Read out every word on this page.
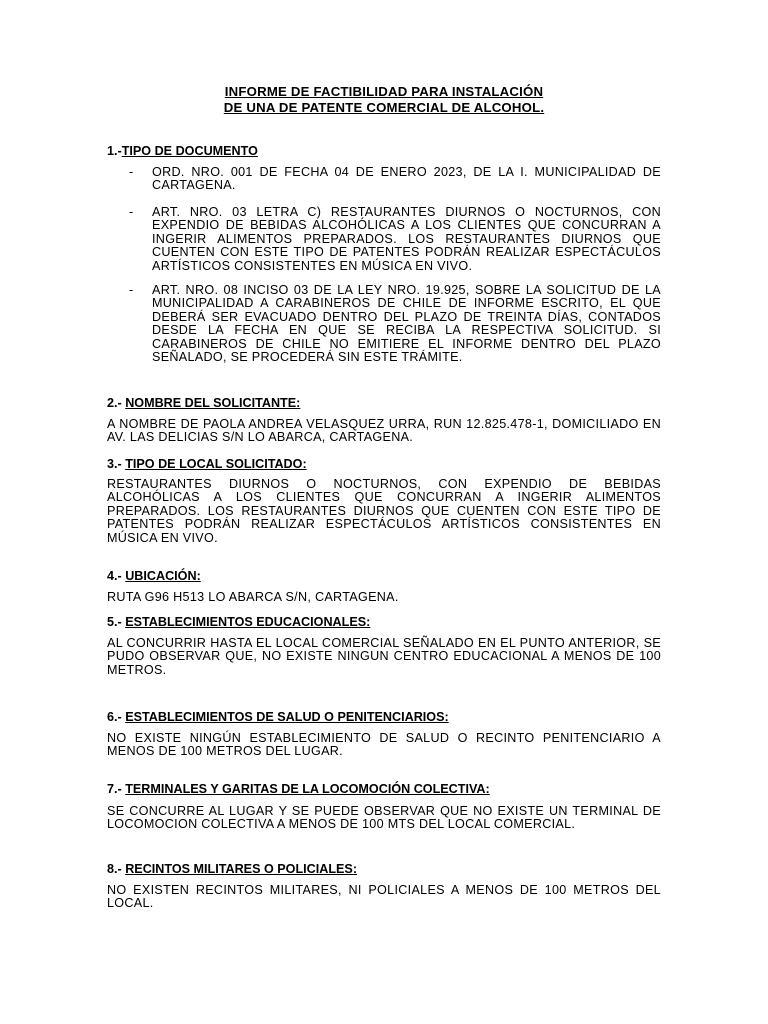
INFORME DE FACTIBILIDAD PARA INSTALACIÓN
DE UNA DE PATENTE COMERCIAL DE ALCOHOL.
1.-TIPO DE DOCUMENTO
- ORD. NRO. 001 DE FECHA 04 DE ENERO 2023, DE LA I. MUNICIPALIDAD DE CARTAGENA.
- ART. NRO. 03 LETRA C) RESTAURANTES DIURNOS O NOCTURNOS, CON EXPENDIO DE BEBIDAS ALCOHÓLICAS A LOS CLIENTES QUE CONCURRAN A INGERIR ALIMENTOS PREPARADOS. LOS RESTAURANTES DIURNOS QUE CUENTEN CON ESTE TIPO DE PATENTES PODRÁN REALIZAR ESPECTÁCULOS ARTÍSTICOS CONSISTENTES EN MÚSICA EN VIVO.
- ART. NRO. 08 INCISO 03 DE LA LEY NRO. 19.925, SOBRE LA SOLICITUD DE LA MUNICIPALIDAD A CARABINEROS DE CHILE DE INFORME ESCRITO, EL QUE DEBERÁ SER EVACUADO DENTRO DEL PLAZO DE TREINTA DÍAS, CONTADOS DESDE LA FECHA EN QUE SE RECIBA LA RESPECTIVA SOLICITUD. SI CARABINEROS DE CHILE NO EMITIERE EL INFORME DENTRO DEL PLAZO SEÑALADO, SE PROCEDERÁ SIN ESTE TRÁMITE.
2.- NOMBRE DEL SOLICITANTE:
A NOMBRE DE PAOLA ANDREA VELASQUEZ URRA, RUN 12.825.478-1, DOMICILIADO EN AV. LAS DELICIAS S/N LO ABARCA, CARTAGENA.
3.- TIPO DE LOCAL SOLICITADO:
RESTAURANTES DIURNOS O NOCTURNOS, CON EXPENDIO DE BEBIDAS ALCOHÓLICAS A LOS CLIENTES QUE CONCURRAN A INGERIR ALIMENTOS PREPARADOS. LOS RESTAURANTES DIURNOS QUE CUENTEN CON ESTE TIPO DE PATENTES PODRÁN REALIZAR ESPECTÁCULOS ARTÍSTICOS CONSISTENTES EN MÚSICA EN VIVO.
4.- UBICACIÓN:
RUTA G96 H513 LO ABARCA S/N, CARTAGENA.
5.- ESTABLECIMIENTOS EDUCACIONALES:
AL CONCURRIR HASTA EL LOCAL COMERCIAL SEÑALADO EN EL PUNTO ANTERIOR, SE PUDO OBSERVAR QUE, NO EXISTE NINGUN CENTRO EDUCACIONAL A MENOS DE 100 METROS.
6.- ESTABLECIMIENTOS DE SALUD O PENITENCIARIOS:
NO EXISTE NINGÚN ESTABLECIMIENTO DE SALUD O RECINTO PENITENCIARIO A MENOS DE 100 METROS DEL LUGAR.
7.- TERMINALES Y GARITAS DE LA LOCOMOCIÓN COLECTIVA:
SE CONCURRE AL LUGAR Y SE PUEDE OBSERVAR QUE NO EXISTE UN TERMINAL DE LOCOMOCION COLECTIVA A MENOS DE 100 MTS DEL LOCAL COMERCIAL.
8.- RECINTOS MILITARES O POLICIALES:
NO EXISTEN RECINTOS MILITARES, NI POLICIALES A MENOS DE 100 METROS DEL LOCAL.
